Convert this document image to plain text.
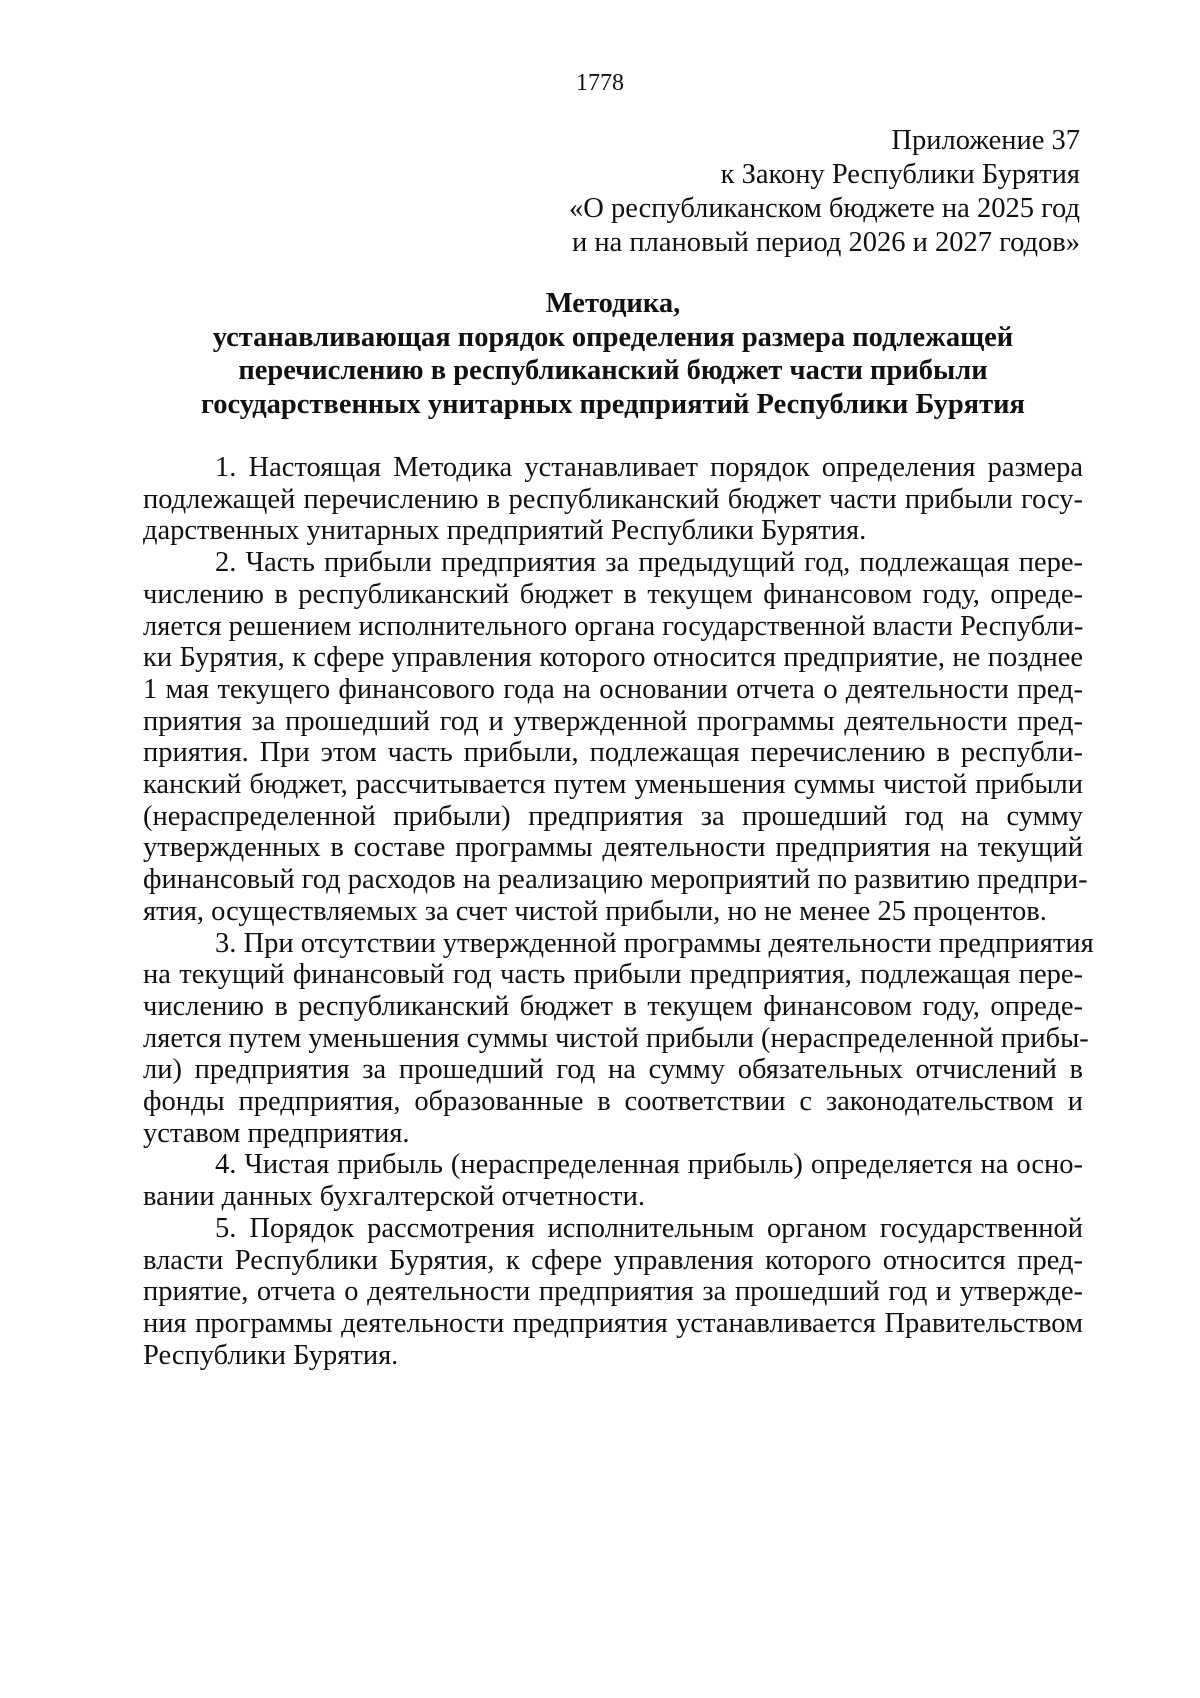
1778
Приложение 37
к Закону Республики Бурятия
«О республиканском бюджете на 2025 год
и на плановый период 2026 и 2027 годов»
Методика,
устанавливающая порядок определения размера подлежащей
перечислению в республиканский бюджет части прибыли
государственных унитарных предприятий Республики Бурятия
1. Настоящая Методика устанавливает порядок определения размера
подлежащей перечислению в республиканский бюджет части прибыли госу-
дарственных унитарных предприятий Республики Бурятия.
2. Часть прибыли предприятия за предыдущий год, подлежащая пере-
числению в республиканский бюджет в текущем финансовом году, опреде-
ляется решением исполнительного органа государственной власти Республи-
ки Бурятия, к сфере управления которого относится предприятие, не позднее
1 мая текущего финансового года на основании отчета о деятельности пред-
приятия за прошедший год и утвержденной программы деятельности пред-
приятия. При этом часть прибыли, подлежащая перечислению в республи-
канский бюджет, рассчитывается путем уменьшения суммы чистой прибыли
(нераспределенной прибыли) предприятия за прошедший год на сумму
утвержденных в составе программы деятельности предприятия на текущий
финансовый год расходов на реализацию мероприятий по развитию предпри-
ятия, осуществляемых за счет чистой прибыли, но не менее 25 процентов.
3. При отсутствии утвержденной программы деятельности предприятия
на текущий финансовый год часть прибыли предприятия, подлежащая пере-
числению в республиканский бюджет в текущем финансовом году, опреде-
ляется путем уменьшения суммы чистой прибыли (нераспределенной прибы-
ли) предприятия за прошедший год на сумму обязательных отчислений в
фонды предприятия, образованные в соответствии с законодательством и
уставом предприятия.
4. Чистая прибыль (нераспределенная прибыль) определяется на осно-
вании данных бухгалтерской отчетности.
5. Порядок рассмотрения исполнительным органом государственной
власти Республики Бурятия, к сфере управления которого относится пред-
приятие, отчета о деятельности предприятия за прошедший год и утвержде-
ния программы деятельности предприятия устанавливается Правительством
Республики Бурятия.
